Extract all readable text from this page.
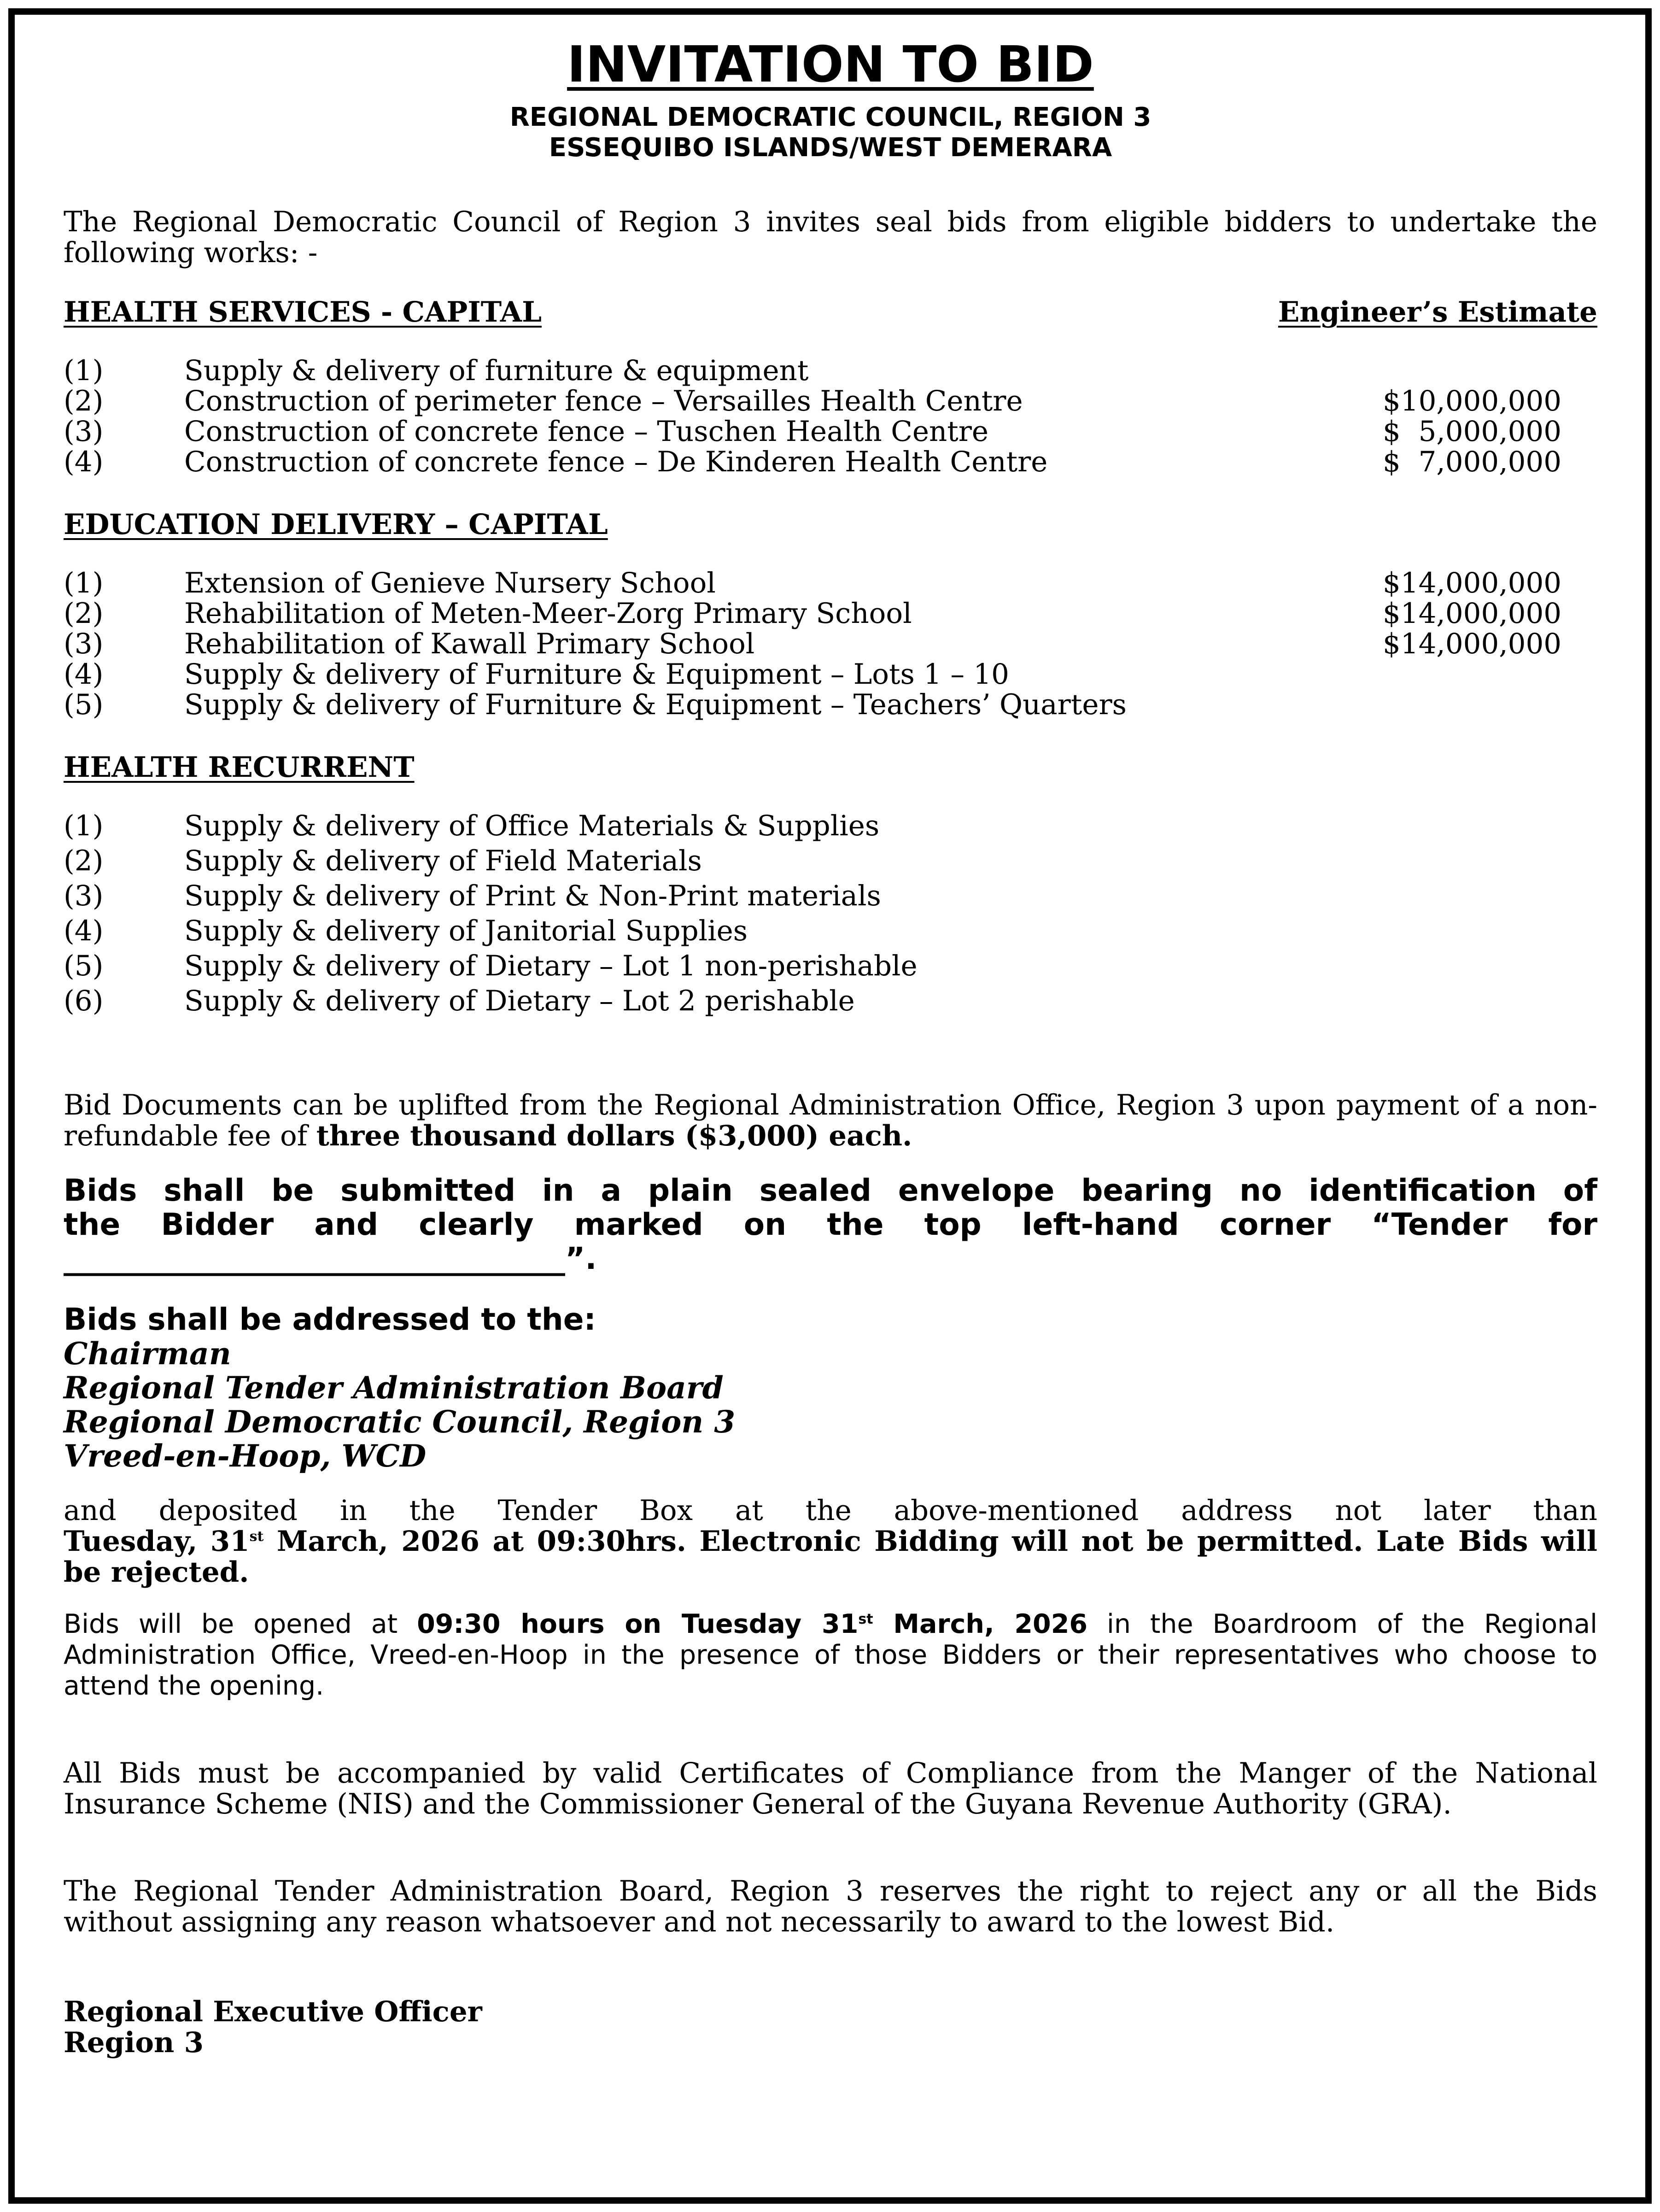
INVITATION TO BID
REGIONAL DEMOCRATIC COUNCIL, REGION 3
ESSEQUIBO ISLANDS/WEST DEMERARA

The Regional Democratic Council of Region 3 invites seal bids from eligible bidders to undertake the following works: -

HEALTH SERVICES - CAPITAL	Engineer’s Estimate
(1)	Supply & delivery of furniture & equipment
(2)	Construction of perimeter fence – Versailles Health Centre	$10,000,000
(3)	Construction of concrete fence – Tuschen Health Centre	$  5,000,000
(4)	Construction of concrete fence – De Kinderen Health Centre	$  7,000,000
EDUCATION DELIVERY – CAPITAL
(1)	Extension of Genieve Nursery School	$14,000,000
(2)	Rehabilitation of Meten-Meer-Zorg Primary School	$14,000,000
(3)	Rehabilitation of Kawall Primary School	$14,000,000
(4)	Supply & delivery of Furniture & Equipment – Lots 1 – 10
(5)	Supply & delivery of Furniture & Equipment – Teachers’ Quarters
HEALTH RECURRENT
(1)	Supply & delivery of Office Materials & Supplies
(2)	Supply & delivery of Field Materials
(3)	Supply & delivery of Print & Non-Print materials
(4)	Supply & delivery of Janitorial Supplies
(5)	Supply & delivery of Dietary – Lot 1 non-perishable
(6)	Supply & delivery of Dietary – Lot 2 perishable

Bid Documents can be uplifted from the Regional Administration Office, Region 3 upon payment of a non-refundable fee of three thousand dollars ($3,000) each.

Bids shall be submitted in a plain sealed envelope bearing no identification of

the Bidder and clearly marked on the top left-hand corner “Tender for

_________________________________”.

Bids shall be addressed to the:
Chairman
Regional Tender Administration Board
Regional Democratic Council, Region 3
Vreed-en-Hoop, WCD

and deposited in the Tender Box at the above-mentioned address not later than

Tuesday, 31st March, 2026 at 09:30hrs. Electronic Bidding will not be permitted. Late Bids will be rejected.

Bids will be opened at 09:30 hours on Tuesday 31st March, 2026 in the Boardroom of the Regional Administration Office, Vreed-en-Hoop in the presence of those Bidders or their representatives who choose to attend the opening.

All Bids must be accompanied by valid Certificates of Compliance from the Manger of the National Insurance Scheme (NIS) and the Commissioner General of the Guyana Revenue Authority (GRA).

The Regional Tender Administration Board, Region 3 reserves the right to reject any or all the Bids without assigning any reason whatsoever and not necessarily to award to the lowest Bid.

Regional Executive Officer
Region 3
